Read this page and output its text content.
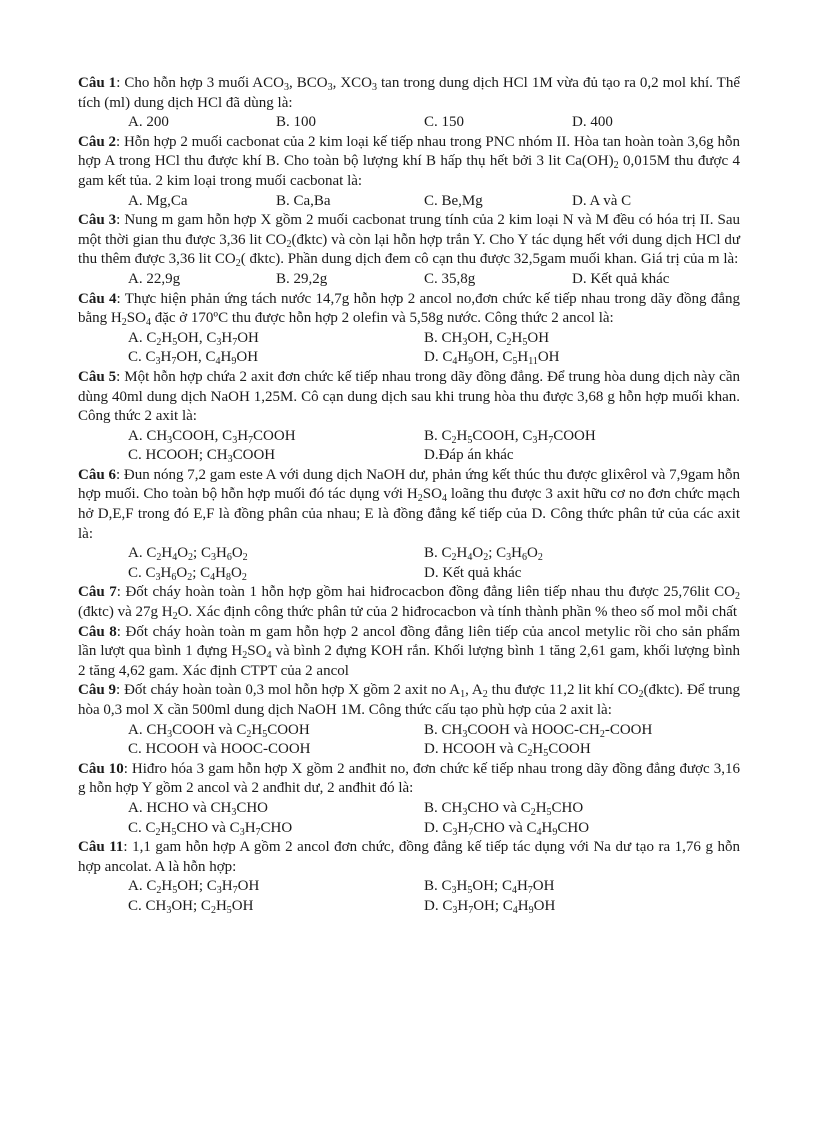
Câu 1: Cho hỗn hợp 3 muối $ACO_3$, $BCO_3$, $XCO_3$ tan trong dung dịch HCl 1M vừa đủ tạo ra 0,2 mol khí. Thể tích (ml) dung dịch HCl đã dùng là:
A. 200	B. 100	C. 150	D. 400
Câu 2: Hỗn hợp 2 muối cacbonat của 2 kim loại kế tiếp nhau trong PNC nhóm II. Hòa tan hoàn toàn 3,6g hỗn hợp A trong HCl thu được khí B. Cho toàn bộ lượng khí B hấp thụ hết bởi 3 lit $Ca(OH)_2$ 0,015M thu được 4 gam kết tủa. 2 kim loại trong muối cacbonat là:
A. Mg,Ca	B. Ca,Ba	C. Be,Mg	D. A và C
Câu 3: Nung m gam hỗn hợp X gồm 2 muối cacbonat trung tính của 2 kim loại N và M đều có hóa trị II. Sau một thời gian thu được 3,36 lit $CO_2(đktc)$ và còn lại hỗn hợp trắn Y. Cho Y tác dụng hết với dung dịch HCl dư thu thêm được 3,36 lit $CO_2$( đktc). Phần dung dịch đem cô cạn thu được 32,5gam muối khan. Giá trị của m là:
A. 22,9g	B. 29,2g	C. 35,8g	D. Kết quả khác
Câu 4: Thực hiện phản ứng tách nước 14,7g hỗn hợp 2 ancol no,đơn chức kế tiếp nhau trong dãy đồng đẳng bằng $H_2SO_4$ đặc ở 170ºC thu được hỗn hợp 2 olefin và 5,58g nước. Công thức 2 ancol là:
A. $C_2H_5OH$, $C_3H_7OH$	B. $CH_3OH$, $C_2H_5OH$
C. $C_3H_7OH$, $C_4H_9OH$	D. $C_4H_9OH$, $C_5H_{11}OH$
Câu 5: Một hỗn hợp chứa 2 axit đơn chức kế tiếp nhau trong dãy đồng đẳng. Để trung hòa dung dịch này cần dùng 40ml dung dịch NaOH 1,25M. Cô cạn dung dịch sau khi trung hòa thu được 3,68 g hỗn hợp muối khan. Công thức 2 axit là:
A. $CH_3COOH$, $C_3H_7COOH$	B. $C_2H_5COOH$, $C_3H_7COOH$
C. HCOOH; $CH_3COOH$	D.Đáp án khác
Câu 6: Đun nóng 7,2 gam este A với dung dịch NaOH dư, phản ứng kết thúc thu được glixêrol và 7,9gam hỗn hợp muối. Cho toàn bộ hỗn hợp muối đó tác dụng với $H_2SO_4$ loãng thu được 3 axit hữu cơ no đơn chức mạch hở D,E,F trong đó E,F là đồng phân của nhau; E là đồng đẳng kế tiếp của D. Công thức phân tử của các axit là:
A. $C_2H_4O_2$; $C_3H_6O_2$	B. $C_2H_4O_2$; $C_3H_6O_2$
C. $C_3H_6O_2$; $C_4H_8O_2$	D. Kết quả khác
Câu 7: Đốt cháy hoàn toàn 1 hỗn hợp gồm hai hiđrocacbon đồng đẳng liên tiếp nhau thu được 25,76lit $CO_2$ (đktc) và 27g $H_2O$. Xác định công thức phân tử của 2 hiđrocacbon và tính thành phần % theo số mol mỗi chất
Câu 8: Đốt cháy hoàn toàn m gam hỗn hợp 2 ancol đồng đẳng liên tiếp của ancol metylic rồi cho sản phẩm lần lượt qua bình 1 đựng $H_2SO_4$ và bình 2 đựng KOH rắn. Khối lượng bình 1 tăng 2,61 gam, khối lượng bình 2 tăng 4,62 gam. Xác định CTPT của 2 ancol
Câu 9: Đốt cháy hoàn toàn 0,3 mol hỗn hợp X gồm 2 axit no $A_1$, $A_2$ thu được 11,2 lit khí $CO_2(đktc)$. Để trung hòa 0,3 mol X cần 500ml dung dịch NaOH 1M. Công thức cấu tạo phù hợp của 2 axit là:
A. $CH_3COOH$ và $C_2H_5COOH$	B. $CH_3COOH$ và HOOC-$CH_2$-COOH
C. HCOOH và HOOC-COOH	D. HCOOH và $C_2H_5COOH$
Câu 10: Hiđro hóa 3 gam hỗn hợp X gồm 2 anđhit no, đơn chức kế tiếp nhau trong dãy đồng đẳng được 3,16 g hỗn hợp Y gồm 2 ancol và 2 anđhit dư, 2 anđhit đó là:
A. HCHO và $CH_3CHO$	B. $CH_3CHO$ và $C_2H_5CHO$
C. $C_2H_5CHO$ và $C_3H_7CHO$	D. $C_3H_7CHO$ và $C_4H_9CHO$
Câu 11: 1,1 gam hỗn hợp A gồm 2 ancol đơn chức, đồng đẳng kế tiếp tác dụng với Na dư tạo ra 1,76 g hỗn hợp ancolat. A là hỗn hợp:
A. $C_2H_5OH$; $C_3H_7OH$	B. $C_3H_5OH$; $C_4H_7OH$
C. $CH_3OH$; $C_2H_5OH$	D. $C_3H_7OH$; $C_4H_9OH$
